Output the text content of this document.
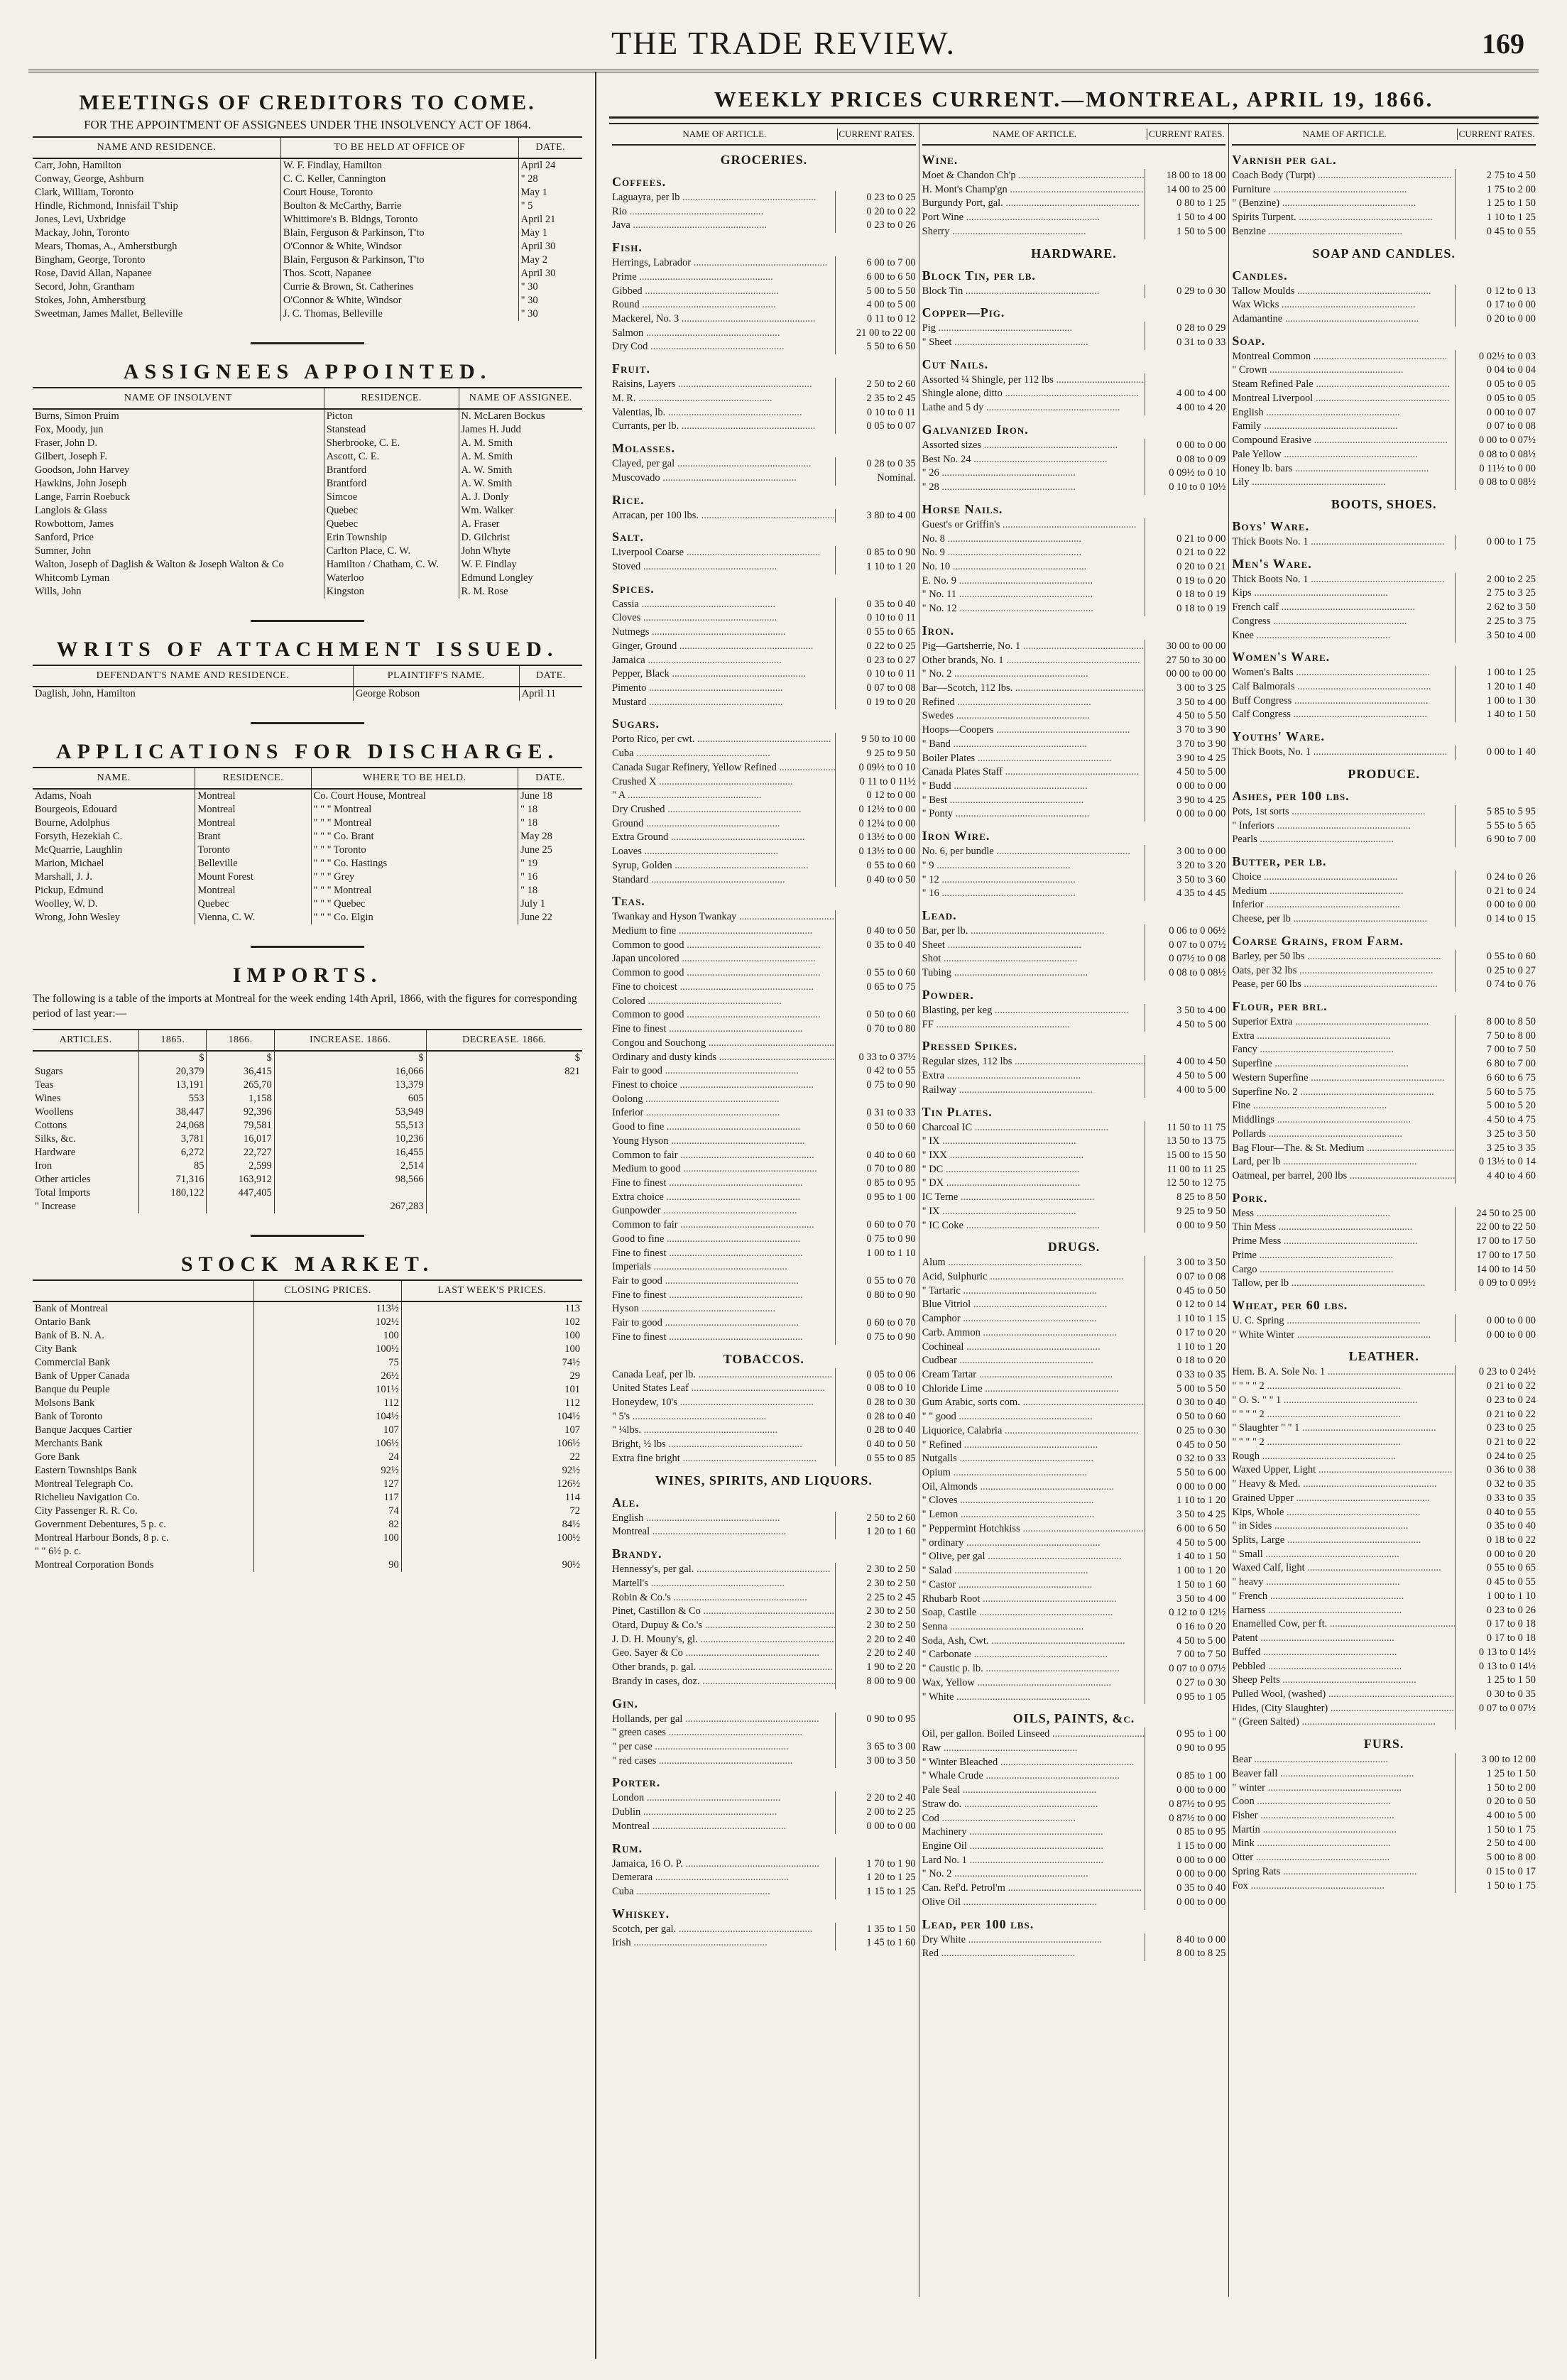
THE TRADE REVIEW.	169
MEETINGS OF CREDITORS TO COME.
FOR THE APPOINTMENT OF ASSIGNEES UNDER THE INSOLVENCY ACT OF 1864.
NAME AND RESIDENCE.	TO BE HELD AT OFFICE OF	DATE.
Carr, John, Hamilton	W. F. Findlay, Hamilton	April 24
Conway, George, Ashburn	C. C. Keller, Cannington	" 28
Clark, William, Toronto	Court House, Toronto	May 1
Hindle, Richmond, Innisfail T'ship	Boulton & McCarthy, Barrie	" 5
Jones, Levi, Uxbridge	Whittimore's B. Bldngs, Toronto	April 21
Mackay, John, Toronto	Blain, Ferguson & Parkinson, T'to	May 1
Mears, Thomas, A., Amherstburgh	O'Connor & White, Windsor	April 30
Bingham, George, Toronto	Blain, Ferguson & Parkinson, T'to	May 2
Rose, David Allan, Napanee	Thos. Scott, Napanee	April 30
Secord, John, Grantham	Currie & Brown, St. Catherines	" 30
Stokes, John, Amherstburg	O'Connor & White, Windsor	" 30
Sweetman, James Mallet, Belleville	J. C. Thomas, Belleville	" 30
ASSIGNEES APPOINTED.
NAME OF INSOLVENT	RESIDENCE.	NAME OF ASSIGNEE.
Burns, Simon Pruim	Picton	N. McLaren Bockus
Fox, Moody, jun	Stanstead	James H. Judd
Fraser, John D.	Sherbrooke, C. E.	A. M. Smith
Gilbert, Joseph F.	Ascott, C. E.	A. M. Smith
Goodson, John Harvey	Brantford	A. W. Smith
Hawkins, John Joseph	Brantford	A. W. Smith
Lange, Farrin Roebuck	Simcoe	A. J. Donly
Langlois & Glass	Quebec	Wm. Walker
Rowbottom, James	Quebec	A. Fraser
Sanford, Price	Erin Township	D. Gilchrist
Sumner, John	Carlton Place, C. W.	John Whyte
Walton, Joseph of Daglish & Walton & Joseph Walton & Co	Hamilton / Chatham, C. W.	W. F. Findlay
Whitcomb Lyman	Waterloo	Edmund Longley
Wills, John	Kingston	R. M. Rose
WRITS OF ATTACHMENT ISSUED.
DEFENDANT'S NAME AND RESIDENCE.	PLAINTIFF'S NAME.	DATE.
Daglish, John, Hamilton	George Robson	April 11
APPLICATIONS FOR DISCHARGE.
NAME.	RESIDENCE.	WHERE TO BE HELD.	DATE.
Adams, Noah	Montreal	Co. Court House, Montreal	June 18
Bourgeois, Edouard	Montreal	" " " Montreal	" 18
Bourne, Adolphus	Montreal	" " " Montreal	" 18
Forsyth, Hezekiah C.	Brant	" " " Co. Brant	May 28
McQuarrie, Laughlin	Toronto	" " " Toronto	June 25
Marion, Michael	Belleville	" " " Co. Hastings	" 19
Marshall, J. J.	Mount Forest	" " " Grey	" 16
Pickup, Edmund	Montreal	" " " Montreal	" 18
Woolley, W. D.	Quebec	" " " Quebec	July 1
Wrong, John Wesley	Vienna, C. W.	" " " Co. Elgin	June 22
IMPORTS.
The following is a table of the imports at Montreal for the week ending 14th April, 1866, with the figures for corresponding period of last year:—
ARTICLES.	1865.	1866.	INCREASE. 1866.	DECREASE. 1866.
	$	$	$	$
Sugars	20,379	36,415	16,066	821
Teas	13,191	265,70	13,379	
Wines	553	1,158	605	
Woollens	38,447	92,396	53,949	
Cottons	24,068	79,581	55,513	
Silks, &c.	3,781	16,017	10,236	
Hardware	6,272	22,727	16,455	
Iron	85	2,599	2,514	
Other articles	71,316	163,912	98,566	
Total Imports	180,122	447,405		
" Increase			267,283	
STOCK MARKET.
	CLOSING PRICES.	LAST WEEK'S PRICES.
Bank of Montreal	113½	113
Ontario Bank	102½	102
Bank of B. N. A.	100	100
City Bank	100½	100
Commercial Bank	75	74½
Bank of Upper Canada	26½	29
Banque du Peuple	101½	101
Molsons Bank	112	112
Bank of Toronto	104½	104½
Banque Jacques Cartier	107	107
Merchants Bank	106½	106½
Gore Bank	24	22
Eastern Townships Bank	92½	92½
Montreal Telegraph Co.	127	126½
Richelieu Navigation Co.	117	114
City Passenger R. R. Co.	74	72
Government Debentures, 5 p. c.	82	84½
Montreal Harbour Bonds, 8 p. c.	100	100½
" " 6½ p. c.		
Montreal Corporation Bonds	90	90½
WEEKLY PRICES CURRENT.—MONTREAL, APRIL 19, 1866.
NAME OF ARTICLE.	CURRENT RATES.
GROCERIES.
Coffees.
Laguayra, per lb .....	0 23 to 0 25
Rio .....	0 20 to 0 22
Java .....	0 23 to 0 26
Fish.
Herrings, Labrador .....	6 00 to 7 00
Prime .....	6 00 to 6 50
Gibbed .....	5 00 to 5 50
Round .....	4 00 to 5 00
Mackerel, No. 3 .....	0 11 to 0 12
Salmon .....	21 00 to 22 00
Dry Cod .....	5 50 to 6 50
Fruit.
Raisins, Layers .....	2 50 to 2 60
M. R. .....	2 35 to 2 45
Valentias, lb. .....	0 10 to 0 11
Currants, per lb. .....	0 05 to 0 07
Molasses.
Clayed, per gal .....	0 28 to 0 35
Muscovado .....	Nominal.
Rice.
Arracan, per 100 lbs. .....	3 80 to 4 00
Salt.
Liverpool Coarse .....	0 85 to 0 90
Stoved .....	1 10 to 1 20
Spices.
Cassia .....	0 35 to 0 40
Cloves .....	0 10 to 0 11
Nutmegs .....	0 55 to 0 65
Ginger, Ground .....	0 22 to 0 25
Jamaica .....	0 23 to 0 27
Pepper, Black .....	0 10 to 0 11
Pimento .....	0 07 to 0 08
Mustard .....	0 19 to 0 20
Sugars.
Porto Rico, per cwt. .....	9 50 to 10 00
Cuba .....	9 25 to 9 50
Canada Sugar Refinery, Yellow Refined .....	0 09½ to 0 10
Crushed X .....	0 11 to 0 11½
" A .....	0 12 to 0 00
Dry Crushed .....	0 12½ to 0 00
Ground .....	0 12¼ to 0 00
Extra Ground .....	0 13½ to 0 00
Loaves .....	0 13½ to 0 00
Syrup, Golden .....	0 55 to 0 60
Standard .....	0 40 to 0 50
Teas.
Twankay and Hyson Twankay .....
Medium to fine .....	0 40 to 0 50
Common to good .....	0 35 to 0 40
Japan uncolored .....
Common to good .....	0 55 to 0 60
Fine to choicest .....	0 65 to 0 75
Colored .....
Common to good .....	0 50 to 0 60
Fine to finest .....	0 70 to 0 80
Congou and Souchong .....
Ordinary and dusty kinds .....	0 33 to 0 37½
Fair to good .....	0 42 to 0 55
Finest to choice .....	0 75 to 0 90
Oolong .....
Inferior .....	0 31 to 0 33
Good to fine .....	0 50 to 0 60
Young Hyson .....
Common to fair .....	0 40 to 0 60
Medium to good .....	0 70 to 0 80
Fine to finest .....	0 85 to 0 95
Extra choice .....	0 95 to 1 00
Gunpowder .....
Common to fair .....	0 60 to 0 70
Good to fine .....	0 75 to 0 90
Fine to finest .....	1 00 to 1 10
Imperials .....
Fair to good .....	0 55 to 0 70
Fine to finest .....	0 80 to 0 90
Hyson .....
Fair to good .....	0 60 to 0 70
Fine to finest .....	0 75 to 0 90
TOBACCOS.
Canada Leaf, per lb. .....	0 05 to 0 06
United States Leaf .....	0 08 to 0 10
Honeydew, 10's .....	0 28 to 0 30
" 5's .....	0 28 to 0 40
" ¼lbs. .....	0 28 to 0 40
Bright, ½ lbs .....	0 40 to 0 50
Extra fine bright .....	0 55 to 0 85
WINES, SPIRITS, AND LIQUORS.
Ale.
English .....	2 50 to 2 60
Montreal .....	1 20 to 1 60
Brandy.
Hennessy's, per gal. .....	2 30 to 2 50
Martell's .....	2 30 to 2 50
Robin & Co.'s .....	2 25 to 2 45
Pinet, Castillon & Co .....	2 30 to 2 50
Otard, Dupuy & Co.'s .....	2 30 to 2 50
J. D. H. Mouny's, gl. .....	2 20 to 2 40
Geo. Sayer & Co .....	2 20 to 2 40
Other brands, p. gal. .....	1 90 to 2 20
Brandy in cases, doz. .....	8 00 to 9 00
Gin.
Hollands, per gal .....	0 90 to 0 95
" green cases .....
" per case .....	3 65 to 3 00
" red cases .....	3 00 to 3 50
Porter.
London .....	2 20 to 2 40
Dublin .....	2 00 to 2 25
Montreal .....	0 00 to 0 00
Rum.
Jamaica, 16 O. P. .....	1 70 to 1 90
Demerara .....	1 20 to 1 25
Cuba .....	1 15 to 1 25
Whiskey.
Scotch, per gal. .....	1 35 to 1 50
Irish .....	1 45 to 1 60
NAME OF ARTICLE.	CURRENT RATES.
Wine.
Moet & Chandon Ch'p .....	18 00 to 18 00
H. Mont's Champ'gn .....	14 00 to 25 00
Burgundy Port, gal. .....	0 80 to 1 25
Port Wine .....	1 50 to 4 00
Sherry .....	1 50 to 5 00
HARDWARE.
Block Tin, per lb.
Block Tin .....	0 29 to 0 30
Copper—Pig.
Pig .....	0 28 to 0 29
" Sheet .....	0 31 to 0 33
Cut Nails.
Assorted ¼ Shingle, per 112 lbs .....
Shingle alone, ditto .....	4 00 to 4 00
Lathe and 5 dy .....	4 00 to 4 20
Galvanized Iron.
Assorted sizes .....	0 00 to 0 00
Best No. 24 .....	0 08 to 0 09
" 26 .....	0 09½ to 0 10
" 28 .....	0 10 to 0 10½
Horse Nails.
Guest's or Griffin's .....
No. 8 .....	0 21 to 0 00
No. 9 .....	0 21 to 0 22
No. 10 .....	0 20 to 0 21
E. No. 9 .....	0 19 to 0 20
" No. 11 .....	0 18 to 0 19
" No. 12 .....	0 18 to 0 19
Iron.
Pig—Gartsherrie, No. 1 .....	30 00 to 00 00
Other brands, No. 1 .....	27 50 to 30 00
" No. 2 .....	00 00 to 00 00
Bar—Scotch, 112 lbs. .....	3 00 to 3 25
Refined .....	3 50 to 4 00
Swedes .....	4 50 to 5 50
Hoops—Coopers .....	3 70 to 3 90
" Band .....	3 70 to 3 90
Boiler Plates .....	3 90 to 4 25
Canada Plates Staff .....	4 50 to 5 00
" Budd .....	0 00 to 0 00
" Best .....	3 90 to 4 25
" Ponty .....	0 00 to 0 00
Iron Wire.
No. 6, per bundle .....	3 00 to 0 00
" 9 .....	3 20 to 3 20
" 12 .....	3 50 to 3 60
" 16 .....	4 35 to 4 45
Lead.
Bar, per lb. .....	0 06 to 0 06½
Sheet .....	0 07 to 0 07½
Shot .....	0 07½ to 0 08
Tubing .....	0 08 to 0 08½
Powder.
Blasting, per keg .....	3 50 to 4 00
FF .....	4 50 to 5 00
Pressed Spikes.
Regular sizes, 112 lbs .....	4 00 to 4 50
Extra .....	4 50 to 5 00
Railway .....	4 00 to 5 00
Tin Plates.
Charcoal IC .....	11 50 to 11 75
" IX .....	13 50 to 13 75
" IXX .....	15 00 to 15 50
" DC .....	11 00 to 11 25
" DX .....	12 50 to 12 75
IC Terne .....	8 25 to 8 50
" IX .....	9 25 to 9 50
" IC Coke .....	0 00 to 9 50
DRUGS.
Alum .....	3 00 to 3 50
Acid, Sulphuric .....	0 07 to 0 08
" Tartaric .....	0 45 to 0 50
Blue Vitriol .....	0 12 to 0 14
Camphor .....	1 10 to 1 15
Carb. Ammon .....	0 17 to 0 20
Cochineal .....	1 10 to 1 20
Cudbear .....	0 18 to 0 20
Cream Tartar .....	0 33 to 0 35
Chloride Lime .....	5 00 to 5 50
Gum Arabic, sorts com. .....	0 30 to 0 40
" " good .....	0 50 to 0 60
Liquorice, Calabria .....	0 25 to 0 30
" Refined .....	0 45 to 0 50
Nutgalls .....	0 32 to 0 33
Opium .....	5 50 to 6 00
Oil, Almonds .....	0 00 to 0 00
" Cloves .....	1 10 to 1 20
" Lemon .....	3 50 to 4 25
" Peppermint Hotchkiss .....	6 00 to 6 50
" ordinary .....	4 50 to 5 00
" Olive, per gal .....	1 40 to 1 50
" Salad .....	1 00 to 1 20
" Castor .....	1 50 to 1 60
Rhubarb Root .....	3 50 to 4 00
Soap, Castile .....	0 12 to 0 12½
Senna .....	0 16 to 0 20
Soda, Ash, Cwt. .....	4 50 to 5 00
" Carbonate .....	7 00 to 7 50
" Caustic p. lb. .....	0 07 to 0 07½
Wax, Yellow .....	0 27 to 0 30
" White .....	0 95 to 1 05
OILS, PAINTS, &c.
Oil, per gallon. Boiled Linseed .....	0 95 to 1 00
Raw .....	0 90 to 0 95
" Winter Bleached .....
" Whale Crude .....	0 85 to 1 00
Pale Seal .....	0 00 to 0 00
Straw do. .....	0 87½ to 0 95
Cod .....	0 87½ to 0 00
Machinery .....	0 85 to 0 95
Engine Oil .....	1 15 to 0 00
Lard No. 1 .....	0 00 to 0 00
" No. 2 .....	0 00 to 0 00
Can. Ref'd. Petrol'm .....	0 35 to 0 40
Olive Oil .....	0 00 to 0 00
Lead, per 100 lbs.
Dry White .....	8 40 to 0 00
Red .....	8 00 to 8 25
NAME OF ARTICLE.	CURRENT RATES.
Varnish per gal.
Coach Body (Turpt) .....	2 75 to 4 50
Furniture .....	1 75 to 2 00
" (Benzine) .....	1 25 to 1 50
Spirits Turpent. .....	1 10 to 1 25
Benzine .....	0 45 to 0 55
SOAP AND CANDLES.
Candles.
Tallow Moulds .....	0 12 to 0 13
Wax Wicks .....	0 17 to 0 00
Adamantine .....	0 20 to 0 00
Soap.
Montreal Common .....	0 02½ to 0 03
" Crown .....	0 04 to 0 04
Steam Refined Pale .....	0 05 to 0 05
Montreal Liverpool .....	0 05 to 0 05
English .....	0 00 to 0 07
Family .....	0 07 to 0 08
Compound Erasive .....	0 00 to 0 07½
Pale Yellow .....	0 08 to 0 08½
Honey lb. bars .....	0 11½ to 0 00
Lily .....	0 08 to 0 08½
BOOTS, SHOES.
Boys' Ware.
Thick Boots No. 1 .....	0 00 to 1 75
Men's Ware.
Thick Boots No. 1 .....	2 00 to 2 25
Kips .....	2 75 to 3 25
French calf .....	2 62 to 3 50
Congress .....	2 25 to 3 75
Knee .....	3 50 to 4 00
Women's Ware.
Women's Balts .....	1 00 to 1 25
Calf Balmorals .....	1 20 to 1 40
Buff Congress .....	1 00 to 1 30
Calf Congress .....	1 40 to 1 50
Youths' Ware.
Thick Boots, No. 1 .....	0 00 to 1 40
PRODUCE.
Ashes, per 100 lbs.
Pots, 1st sorts .....	5 85 to 5 95
" Inferiors .....	5 55 to 5 65
Pearls .....	6 90 to 7 00
Butter, per lb.
Choice .....	0 24 to 0 26
Medium .....	0 21 to 0 24
Inferior .....	0 00 to 0 00
Cheese, per lb .....	0 14 to 0 15
Coarse Grains, from Farm.
Barley, per 50 lbs .....	0 55 to 0 60
Oats, per 32 lbs .....	0 25 to 0 27
Pease, per 60 lbs .....	0 74 to 0 76
Flour, per brl.
Superior Extra .....	8 00 to 8 50
Extra .....	7 50 to 8 00
Fancy .....	7 00 to 7 50
Superfine .....	6 80 to 7 00
Western Superfine .....	6 60 to 6 75
Superfine No. 2 .....	5 60 to 5 75
Fine .....	5 00 to 5 20
Middlings .....	4 50 to 4 75
Pollards .....	3 25 to 3 50
Bag Flour—The. & St. Medium .....	3 25 to 3 35
Lard, per lb .....	0 13½ to 0 14
Oatmeal, per barrel, 200 lbs .....	4 40 to 4 60
Pork.
Mess .....	24 50 to 25 00
Thin Mess .....	22 00 to 22 50
Prime Mess .....	17 00 to 17 50
Prime .....	17 00 to 17 50
Cargo .....	14 00 to 14 50
Tallow, per lb .....	0 09 to 0 09½
Wheat, per 60 lbs.
U. C. Spring .....	0 00 to 0 00
" White Winter .....	0 00 to 0 00
LEATHER.
Hem. B. A. Sole No. 1 .....	0 23 to 0 24½
" " " " 2 .....	0 21 to 0 22
" O. S. " " 1 .....	0 23 to 0 24
" " " " 2 .....	0 21 to 0 22
" Slaughter " " 1 .....	0 23 to 0 25
" " " " 2 .....	0 21 to 0 22
Rough .....	0 24 to 0 25
Waxed Upper, Light .....	0 36 to 0 38
" Heavy & Med. .....	0 32 to 0 35
Grained Upper .....	0 33 to 0 35
Kips, Whole .....	0 40 to 0 55
" in Sides .....	0 35 to 0 40
Splits, Large .....	0 18 to 0 22
" Small .....	0 00 to 0 20
Waxed Calf, light .....	0 55 to 0 65
" heavy .....	0 45 to 0 55
" French .....	1 00 to 1 10
Harness .....	0 23 to 0 26
Enamelled Cow, per ft. .....	0 17 to 0 18
Patent .....	0 17 to 0 18
Buffed .....	0 13 to 0 14½
Pebbled .....	0 13 to 0 14½
Sheep Pelts .....	1 25 to 1 50
Pulled Wool, (washed) .....	0 30 to 0 35
Hides, (City Slaughter) .....	0 07 to 0 07½
" (Green Salted) .....
FURS.
Bear .....	3 00 to 12 00
Beaver fall .....	1 25 to 1 50
" winter .....	1 50 to 2 00
Coon .....	0 20 to 0 50
Fisher .....	4 00 to 5 00
Martin .....	1 50 to 1 75
Mink .....	2 50 to 4 00
Otter .....	5 00 to 8 00
Spring Rats .....	0 15 to 0 17
Fox .....	1 50 to 1 75
